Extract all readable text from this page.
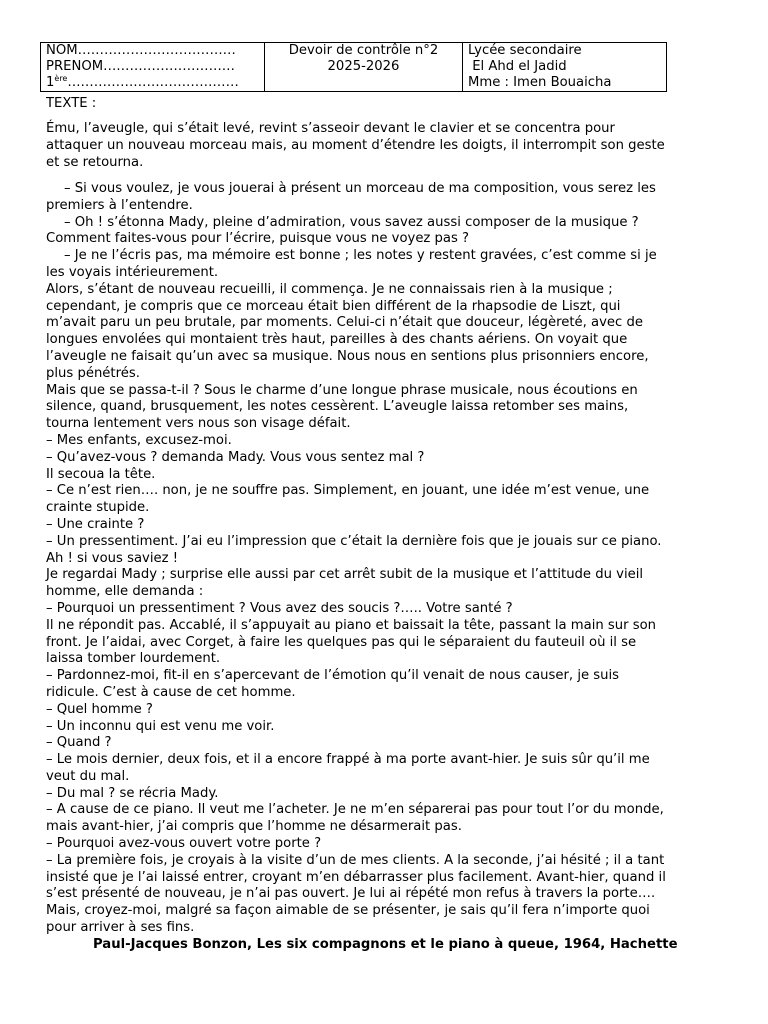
NOM………………………………
PRENOM…………………………
1ère…………………………………

Devoir de contrôle n°2
2025-2026

Lycée secondaire
El Ahd el Jadid
Mme : Imen Bouaicha
TEXTE :
Ému, l’aveugle, qui s’était levé, revint s’asseoir devant le clavier et se concentra pour
attaquer un nouveau morceau mais, au moment d’étendre les doigts, il interrompit son geste
et se retourna.
– Si vous voulez, je vous jouerai à présent un morceau de ma composition, vous serez les
premiers à l’entendre.
– Oh ! s’étonna Mady, pleine d’admiration, vous savez aussi composer de la musique ?
Comment faites-vous pour l’écrire, puisque vous ne voyez pas ?
– Je ne l’écris pas, ma mémoire est bonne ; les notes y restent gravées, c’est comme si je
les voyais intérieurement.
Alors, s’étant de nouveau recueilli, il commença. Je ne connaissais rien à la musique ;
cependant, je compris que ce morceau était bien différent de la rhapsodie de Liszt, qui
m’avait paru un peu brutale, par moments. Celui-ci n’était que douceur, légèreté, avec de
longues envolées qui montaient très haut, pareilles à des chants aériens. On voyait que
l’aveugle ne faisait qu’un avec sa musique. Nous nous en sentions plus prisonniers encore,
plus pénétrés.
Mais que se passa-t-il ? Sous le charme d’une longue phrase musicale, nous écoutions en
silence, quand, brusquement, les notes cessèrent. L’aveugle laissa retomber ses mains,
tourna lentement vers nous son visage défait.
– Mes enfants, excusez-moi.
– Qu’avez-vous ? demanda Mady. Vous vous sentez mal ?
Il secoua la tête.
– Ce n’est rien…. non, je ne souffre pas. Simplement, en jouant, une idée m’est venue, une
crainte stupide.
– Une crainte ?
– Un pressentiment. J’ai eu l’impression que c’était la dernière fois que je jouais sur ce piano.
Ah ! si vous saviez !
Je regardai Mady ; surprise elle aussi par cet arrêt subit de la musique et l’attitude du vieil
homme, elle demanda :
– Pourquoi un pressentiment ? Vous avez des soucis ?….. Votre santé ?
Il ne répondit pas. Accablé, il s’appuyait au piano et baissait la tête, passant la main sur son
front. Je l’aidai, avec Corget, à faire les quelques pas qui le séparaient du fauteuil où il se
laissa tomber lourdement.
– Pardonnez-moi, fit-il en s’apercevant de l’émotion qu’il venait de nous causer, je suis
ridicule. C’est à cause de cet homme.
– Quel homme ?
– Un inconnu qui est venu me voir.
– Quand ?
– Le mois dernier, deux fois, et il a encore frappé à ma porte avant-hier. Je suis sûr qu’il me
veut du mal.
– Du mal ? se récria Mady.
– A cause de ce piano. Il veut me l’acheter. Je ne m’en séparerai pas pour tout l’or du monde,
mais avant-hier, j’ai compris que l’homme ne désarmerait pas.
– Pourquoi avez-vous ouvert votre porte ?
– La première fois, je croyais à la visite d’un de mes clients. A la seconde, j’ai hésité ; il a tant
insisté que je l’ai laissé entrer, croyant m’en débarrasser plus facilement. Avant-hier, quand il
s’est présenté de nouveau, je n’ai pas ouvert. Je lui ai répété mon refus à travers la porte….
Mais, croyez-moi, malgré sa façon aimable de se présenter, je sais qu’il fera n’importe quoi
pour arriver à ses fins.
Paul-Jacques Bonzon, Les six compagnons et le piano à queue, 1964, Hachette
